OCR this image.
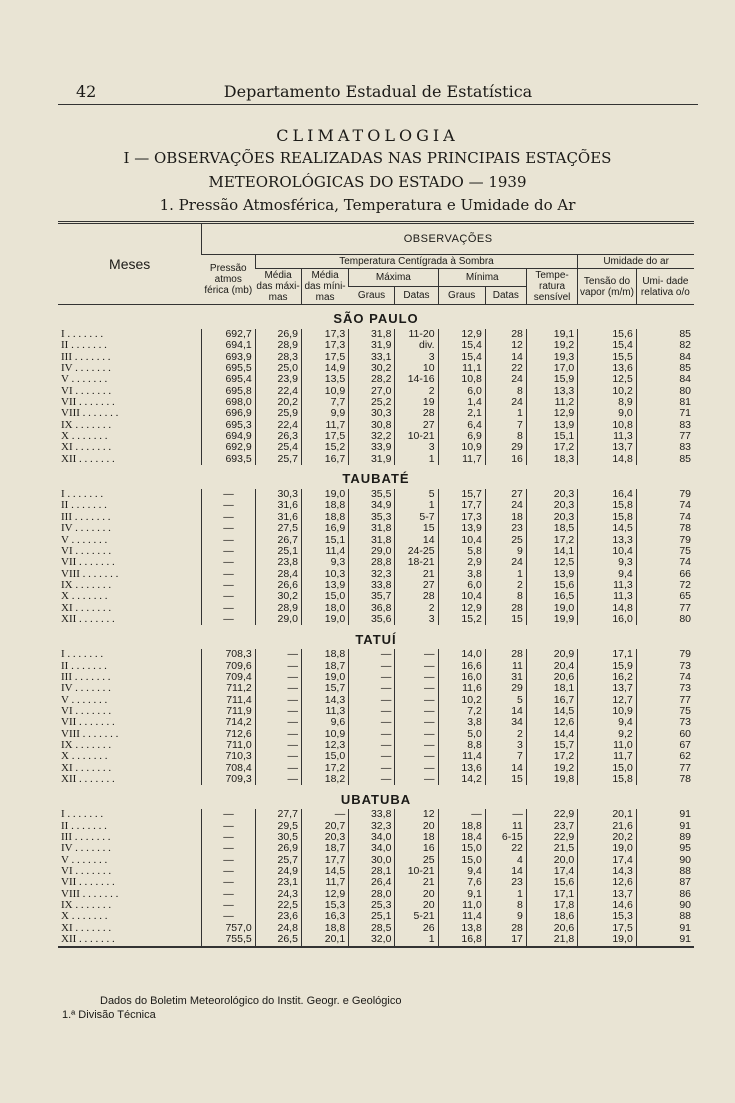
42	Departamento Estadual de Estatística
CLIMATOLOGIA
I — OBSERVAÇÕES REALIZADAS NAS PRINCIPAIS ESTAÇÕES
METEOROLÓGICAS DO ESTADO — 1939
1. Pressão Atmosférica, Temperatura e Umidade do Ar
Meses	OBSERVAÇÕES									
	Pressão atmos férica (mb)	Temperatura Centígrada à Sombra							Umidade do ar	
		Média das máxi- mas	Média das míni- mas	Máxima		Mínima		Tempe- ratura sensível	Tensão do vapor (m/m)	Umi- dade relativa o/o
				Graus	Datas	Graus	Datas			
SÃO PAULO										
I . . . . . . .	692,7	26,9	17,3	31,8	11-20	12,9	28	19,1	15,6	85
II . . . . . . .	694,1	28,9	17,3	31,9	div.	15,4	12	19,2	15,4	82
III . . . . . . .	693,9	28,3	17,5	33,1	3	15,4	14	19,3	15,5	84
IV . . . . . . .	695,5	25,0	14,9	30,2	10	11,1	22	17,0	13,6	85
V . . . . . . .	695,4	23,9	13,5	28,2	14-16	10,8	24	15,9	12,5	84
VI . . . . . . .	695,8	22,4	10,9	27,0	2	6,0	8	13,3	10,2	80
VII . . . . . . .	698,0	20,2	7,7	25,2	19	1,4	24	11,2	8,9	81
VIII . . . . . . .	696,9	25,9	9,9	30,3	28	2,1	1	12,9	9,0	71
IX . . . . . . .	695,3	22,4	11,7	30,8	27	6,4	7	13,9	10,8	83
X . . . . . . .	694,9	26,3	17,5	32,2	10-21	6,9	8	15,1	11,3	77
XI . . . . . . .	692,9	25,4	15,2	33,9	3	10,9	29	17,2	13,7	83
XII . . . . . . .	693,5	25,7	16,7	31,9	1	11,7	16	18,3	14,8	85
TAUBATÉ										
I . . . . . . .	—	30,3	19,0	35,5	5	15,7	27	20,3	16,4	79
II . . . . . . .	—	31,6	18,8	34,9	1	17,7	24	20,3	15,8	74
III . . . . . . .	—	31,6	18,8	35,3	5-7	17,3	18	20,3	15,8	74
IV . . . . . . .	—	27,5	16,9	31,8	15	13,9	23	18,5	14,5	78
V . . . . . . .	—	26,7	15,1	31,8	14	10,4	25	17,2	13,3	79
VI . . . . . . .	—	25,1	11,4	29,0	24-25	5,8	9	14,1	10,4	75
VII . . . . . . .	—	23,8	9,3	28,8	18-21	2,9	24	12,5	9,3	74
VIII . . . . . . .	—	28,4	10,3	32,3	21	3,8	1	13,9	9,4	66
IX . . . . . . .	—	26,6	13,9	33,8	27	6,0	2	15,6	11,3	72
X . . . . . . .	—	30,2	15,0	35,7	28	10,4	8	16,5	11,3	65
XI . . . . . . .	—	28,9	18,0	36,8	2	12,9	28	19,0	14,8	77
XII . . . . . . .	—	29,0	19,0	35,6	3	15,2	15	19,9	16,0	80
TATUÍ										
I . . . . . . .	708,3	—	18,8	—	—	14,0	28	20,9	17,1	79
II . . . . . . .	709,6	—	18,7	—	—	16,6	11	20,4	15,9	73
III . . . . . . .	709,4	—	19,0	—	—	16,0	31	20,6	16,2	74
IV . . . . . . .	711,2	—	15,7	—	—	11,6	29	18,1	13,7	73
V . . . . . . .	711,4	—	14,3	—	—	10,2	5	16,7	12,7	77
VI . . . . . . .	711,9	—	11,3	—	—	7,2	14	14,5	10,9	75
VII . . . . . . .	714,2	—	9,6	—	—	3,8	34	12,6	9,4	73
VIII . . . . . . .	712,6	—	10,9	—	—	5,0	2	14,4	9,2	60
IX . . . . . . .	711,0	—	12,3	—	—	8,8	3	15,7	11,0	67
X . . . . . . .	710,3	—	15,0	—	—	11,4	7	17,2	11,7	62
XI . . . . . . .	708,4	—	17,2	—	—	13,6	14	19,2	15,0	77
XII . . . . . . .	709,3	—	18,2	—	—	14,2	15	19,8	15,8	78
UBATUBA										
I . . . . . . .	—	27,7	—	33,8	12	—	—	22,9	20,1	91
II . . . . . . .	—	29,5	20,7	32,3	20	18,8	11	23,7	21,6	91
III . . . . . . .	—	30,5	20,3	34,0	18	18,4	6-15	22,9	20,2	89
IV . . . . . . .	—	26,9	18,7	34,0	16	15,0	22	21,5	19,0	95
V . . . . . . .	—	25,7	17,7	30,0	25	15,0	4	20,0	17,4	90
VI . . . . . . .	—	24,9	14,5	28,1	10-21	9,4	14	17,4	14,3	88
VII . . . . . . .	—	23,1	11,7	26,4	21	7,6	23	15,6	12,6	87
VIII . . . . . . .	—	24,3	12,9	28,0	20	9,1	1	17,1	13,7	86
IX . . . . . . .	—	22,5	15,3	25,3	20	11,0	8	17,8	14,6	90
X . . . . . . .	—	23,6	16,3	25,1	5-21	11,4	9	18,6	15,3	88
XI . . . . . . .	757,0	24,8	18,8	28,5	26	13,8	28	20,6	17,5	91
XII . . . . . . .	755,5	26,5	20,1	32,0	1	16,8	17	21,8	19,0	91
Dados do Boletim Meteorológico do Instit. Geogr. e Geológico
1.ª Divisão Técnica
